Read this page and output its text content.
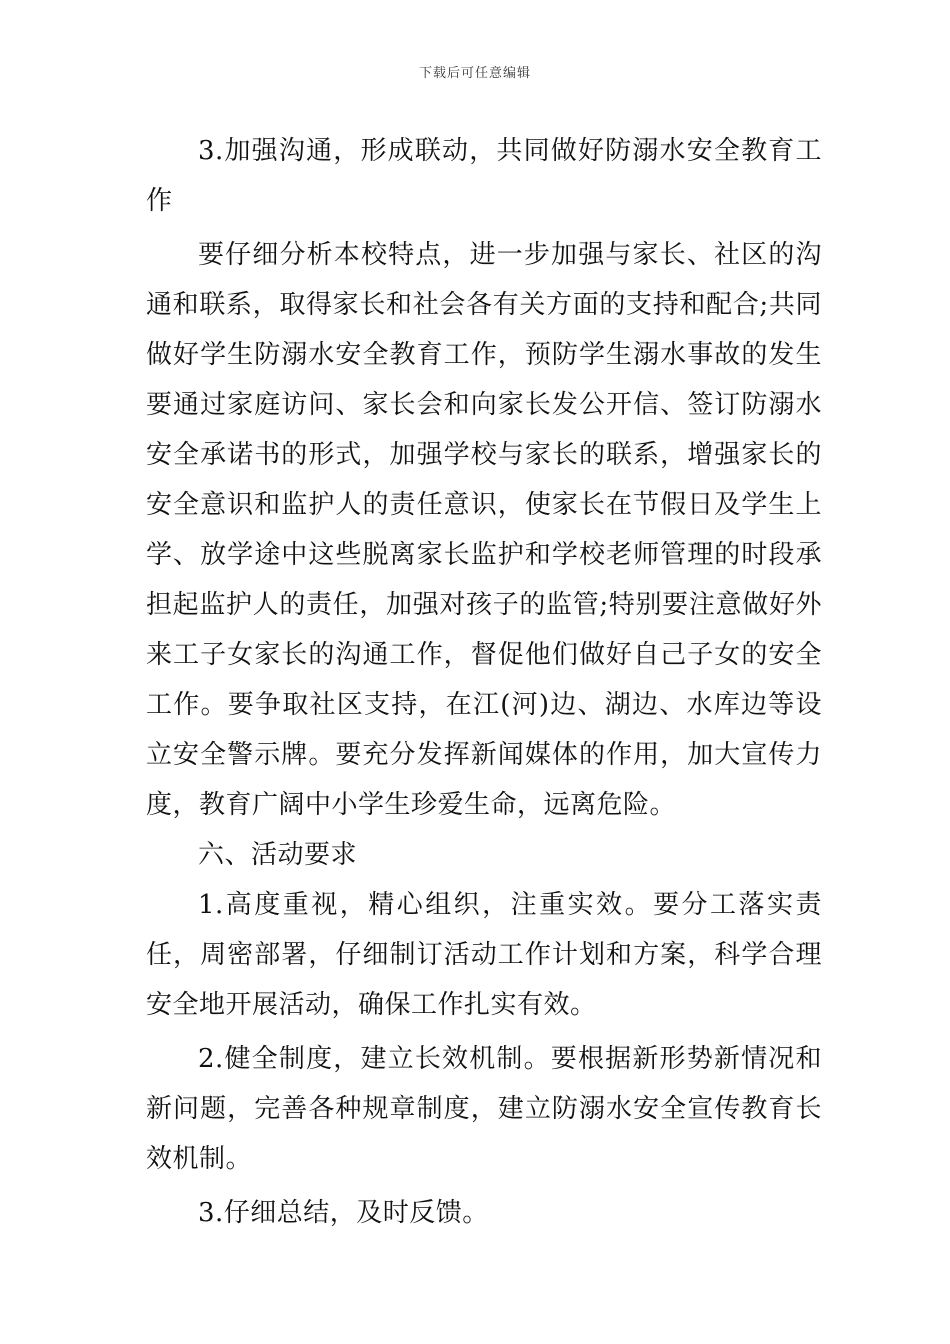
下载后可任意编辑

3.加强沟通，形成联动，共同做好防溺水安全教育工作

要仔细分析本校特点，进一步加强与家长、社区的沟通和联系，取得家长和社会各有关方面的支持和配合;共同做好学生防溺水安全教育工作，预防学生溺水事故的发生要通过家庭访问、家长会和向家长发公开信、签订防溺水安全承诺书的形式，加强学校与家长的联系，增强家长的安全意识和监护人的责任意识，使家长在节假日及学生上学、放学途中这些脱离家长监护和学校老师管理的时段承担起监护人的责任，加强对孩子的监管;特别要注意做好外来工子女家长的沟通工作，督促他们做好自己子女的安全工作。要争取社区支持，在江(河)边、湖边、水库边等设立安全警示牌。要充分发挥新闻媒体的作用，加大宣传力度，教育广阔中小学生珍爱生命，远离危险。

六、活动要求

1.高度重视，精心组织，注重实效。要分工落实责任，周密部署，仔细制订活动工作计划和方案，科学合理安全地开展活动，确保工作扎实有效。

2.健全制度，建立长效机制。要根据新形势新情况和新问题，完善各种规章制度，建立防溺水安全宣传教育长效机制。

3.仔细总结，及时反馈。
